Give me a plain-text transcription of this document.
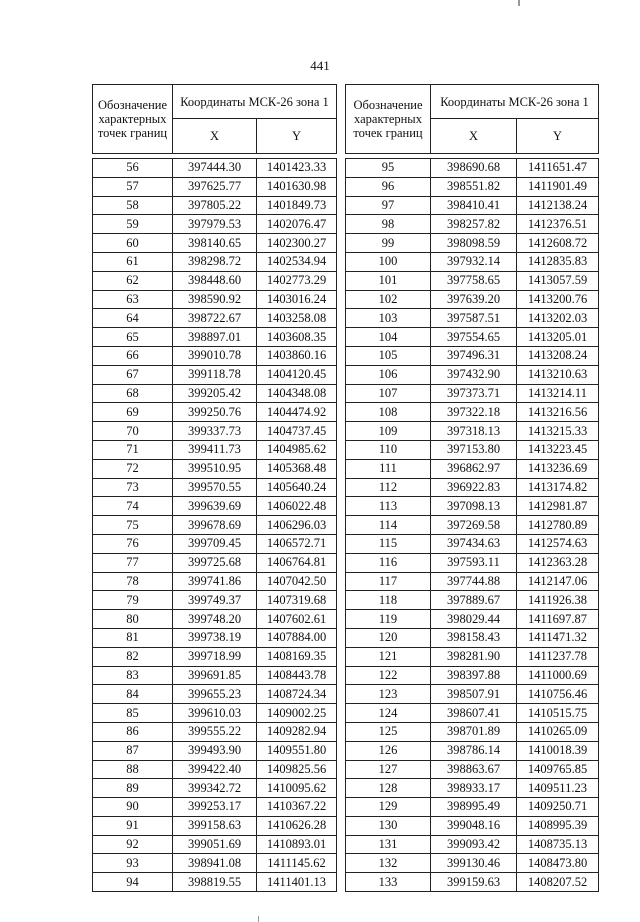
441
Обозначение характерных точек границ	Координаты МСК-26 зона 1	
	X	Y

56	397444.30	1401423.33
57	397625.77	1401630.98
58	397805.22	1401849.73
59	397979.53	1402076.47
60	398140.65	1402300.27
61	398298.72	1402534.94
62	398448.60	1402773.29
63	398590.92	1403016.24
64	398722.67	1403258.08
65	398897.01	1403608.35
66	399010.78	1403860.16
67	399118.78	1404120.45
68	399205.42	1404348.08
69	399250.76	1404474.92
70	399337.73	1404737.45
71	399411.73	1404985.62
72	399510.95	1405368.48
73	399570.55	1405640.24
74	399639.69	1406022.48
75	399678.69	1406296.03
76	399709.45	1406572.71
77	399725.68	1406764.81
78	399741.86	1407042.50
79	399749.37	1407319.68
80	399748.20	1407602.61
81	399738.19	1407884.00
82	399718.99	1408169.35
83	399691.85	1408443.78
84	399655.23	1408724.34
85	399610.03	1409002.25
86	399555.22	1409282.94
87	399493.90	1409551.80
88	399422.40	1409825.56
89	399342.72	1410095.62
90	399253.17	1410367.22
91	399158.63	1410626.28
92	399051.69	1410893.01
93	398941.08	1411145.62
94	398819.55	1411401.13
Обозначение характерных точек границ	Координаты МСК-26 зона 1	
	X	Y

95	398690.68	1411651.47
96	398551.82	1411901.49
97	398410.41	1412138.24
98	398257.82	1412376.51
99	398098.59	1412608.72
100	397932.14	1412835.83
101	397758.65	1413057.59
102	397639.20	1413200.76
103	397587.51	1413202.03
104	397554.65	1413205.01
105	397496.31	1413208.24
106	397432.90	1413210.63
107	397373.71	1413214.11
108	397322.18	1413216.56
109	397318.13	1413215.33
110	397153.80	1413223.45
111	396862.97	1413236.69
112	396922.83	1413174.82
113	397098.13	1412981.87
114	397269.58	1412780.89
115	397434.63	1412574.63
116	397593.11	1412363.28
117	397744.88	1412147.06
118	397889.67	1411926.38
119	398029.44	1411697.87
120	398158.43	1411471.32
121	398281.90	1411237.78
122	398397.88	1411000.69
123	398507.91	1410756.46
124	398607.41	1410515.75
125	398701.89	1410265.09
126	398786.14	1410018.39
127	398863.67	1409765.85
128	398933.17	1409511.23
129	398995.49	1409250.71
130	399048.16	1408995.39
131	399093.42	1408735.13
132	399130.46	1408473.80
133	399159.63	1408207.52
